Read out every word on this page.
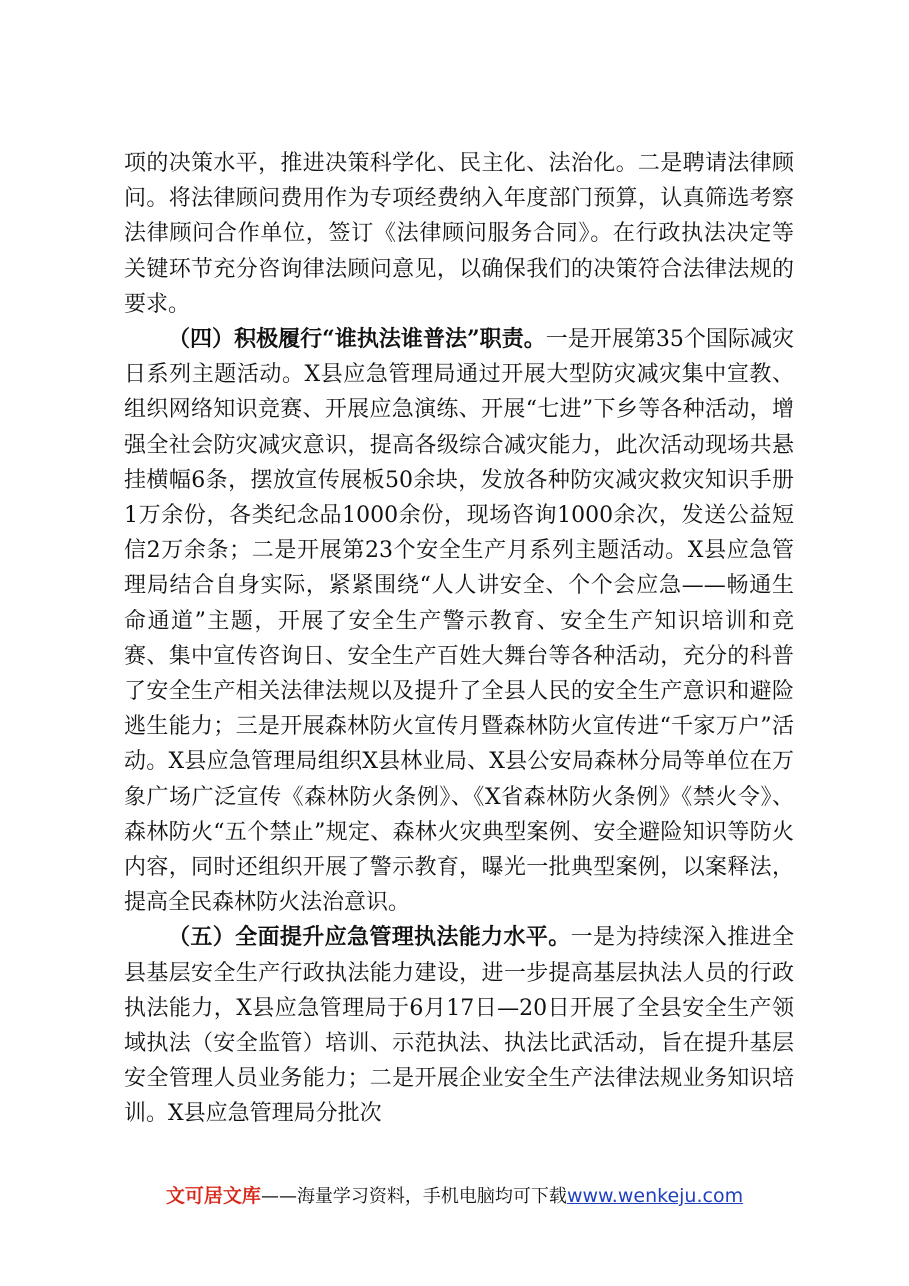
项的决策水平，推进决策科学化、民主化、法治化。二是聘请法律顾问。将法律顾问费用作为专项经费纳入年度部门预算，认真筛选考察法律顾问合作单位，签订《法律顾问服务合同》。在行政执法决定等关键环节充分咨询律法顾问意见，以确保我们的决策符合法律法规的要求。

（四）积极履行“谁执法谁普法”职责。一是开展第35个国际减灾日系列主题活动。X县应急管理局通过开展大型防灾减灾集中宣教、组织网络知识竞赛、开展应急演练、开展“七进”下乡等各种活动，增强全社会防灾减灾意识，提高各级综合减灾能力，此次活动现场共悬挂横幅6条，摆放宣传展板50余块，发放各种防灾减灾救灾知识手册1万余份，各类纪念品1000余份，现场咨询1000余次，发送公益短信2万余条；二是开展第23个安全生产月系列主题活动。X县应急管理局结合自身实际，紧紧围绕“人人讲安全、个个会应急——畅通生命通道”主题，开展了安全生产警示教育、安全生产知识培训和竞赛、集中宣传咨询日、安全生产百姓大舞台等各种活动，充分的科普了安全生产相关法律法规以及提升了全县人民的安全生产意识和避险逃生能力；三是开展森林防火宣传月暨森林防火宣传进“千家万户”活动。X县应急管理局组织X县林业局、X县公安局森林分局等单位在万象广场广泛宣传《森林防火条例》、《X省森林防火条例》《禁火令》、森林防火“五个禁止”规定、森林火灾典型案例、安全避险知识等防火内容，同时还组织开展了警示教育，曝光一批典型案例，以案释法，提高全民森林防火法治意识。

（五）全面提升应急管理执法能力水平。一是为持续深入推进全县基层安全生产行政执法能力建设，进一步提高基层执法人员的行政执法能力，X县应急管理局于6月17日—20日开展了全县安全生产领域执法（安全监管）培训、示范执法、执法比武活动，旨在提升基层安全管理人员业务能力；二是开展企业安全生产法律法规业务知识培训。X县应急管理局分批次

文可居文库——海量学习资料，手机电脑均可下载www.wenkeju.com
